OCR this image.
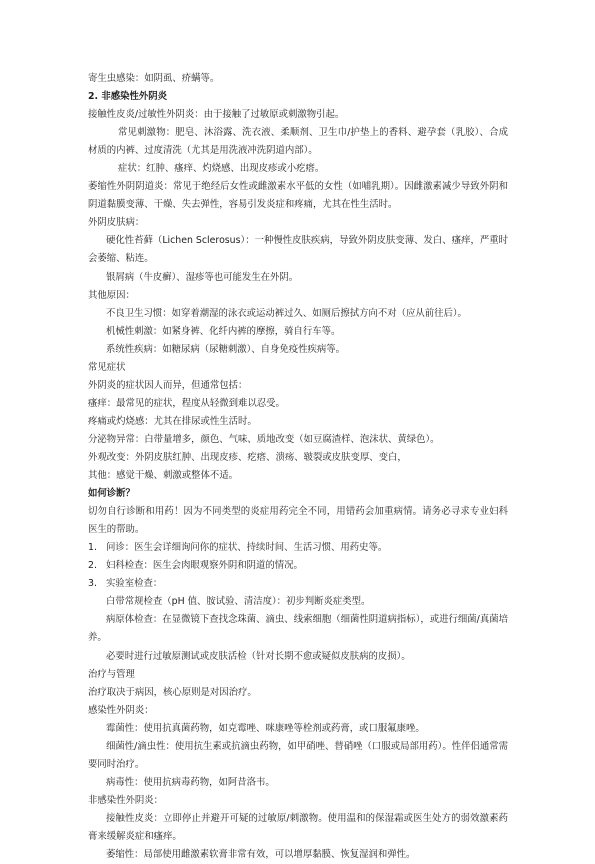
寄生虫感染：如阴虱、疥螨等。
2. 非感染性外阴炎
接触性皮炎/过敏性外阴炎：由于接触了过敏原或刺激物引起。
常见刺激物：肥皂、沐浴露、洗衣液、柔顺剂、卫生巾/护垫上的香料、避孕套（乳胶）、合成材质的内裤、过度清洗（尤其是用洗液冲洗阴道内部）。
症状：红肿、瘙痒、灼烧感、出现皮疹或小疙瘩。
萎缩性外阴阴道炎：常见于绝经后女性或雌激素水平低的女性（如哺乳期）。因雌激素减少导致外阴和阴道黏膜变薄、干燥、失去弹性，容易引发炎症和疼痛，尤其在性生活时。
外阴皮肤病：
硬化性苔藓（Lichen Sclerosus）：一种慢性皮肤疾病，导致外阴皮肤变薄、发白、瘙痒，严重时会萎缩、粘连。
银屑病（牛皮癣）、湿疹等也可能发生在外阴。
其他原因：
不良卫生习惯：如穿着潮湿的泳衣或运动裤过久、如厕后擦拭方向不对（应从前往后）。
机械性刺激：如紧身裤、化纤内裤的摩擦，骑自行车等。
系统性疾病：如糖尿病（尿糖刺激）、自身免疫性疾病等。
常见症状
外阴炎的症状因人而异，但通常包括：
瘙痒：最常见的症状，程度从轻微到难以忍受。
疼痛或灼烧感：尤其在排尿或性生活时。
分泌物异常：白带量增多，颜色、气味、质地改变（如豆腐渣样、泡沫状、黄绿色）。
外观改变：外阴皮肤红肿、出现皮疹、疙瘩、溃疡、皲裂或皮肤变厚、变白，
其他：感觉干燥、刺激或整体不适。
如何诊断？
切勿自行诊断和用药！因为不同类型的炎症用药完全不同，用错药会加重病情。请务必寻求专业妇科医生的帮助。
1. 问诊：医生会详细询问你的症状、持续时间、生活习惯、用药史等。
2. 妇科检查：医生会肉眼观察外阴和阴道的情况。
3. 实验室检查：
白带常规检查（pH 值、胺试验、清洁度）：初步判断炎症类型。
病原体检查：在显微镜下查找念珠菌、滴虫、线索细胞（细菌性阴道病指标），或进行细菌/真菌培养。
必要时进行过敏原测试或皮肤活检（针对长期不愈或疑似皮肤病的皮损）。
治疗与管理
治疗取决于病因，核心原则是对因治疗。
感染性外阴炎：
霉菌性：使用抗真菌药物，如克霉唑、咪康唑等栓剂或药膏，或口服氟康唑。
细菌性/滴虫性：使用抗生素或抗滴虫药物，如甲硝唑、替硝唑（口服或局部用药）。性伴侣通常需要同时治疗。
病毒性：使用抗病毒药物，如阿昔洛韦。
非感染性外阴炎：
接触性皮炎：立即停止并避开可疑的过敏原/刺激物。使用温和的保湿霜或医生处方的弱效激素药膏来缓解炎症和瘙痒。
萎缩性：局部使用雌激素软膏非常有效，可以增厚黏膜、恢复湿润和弹性。
